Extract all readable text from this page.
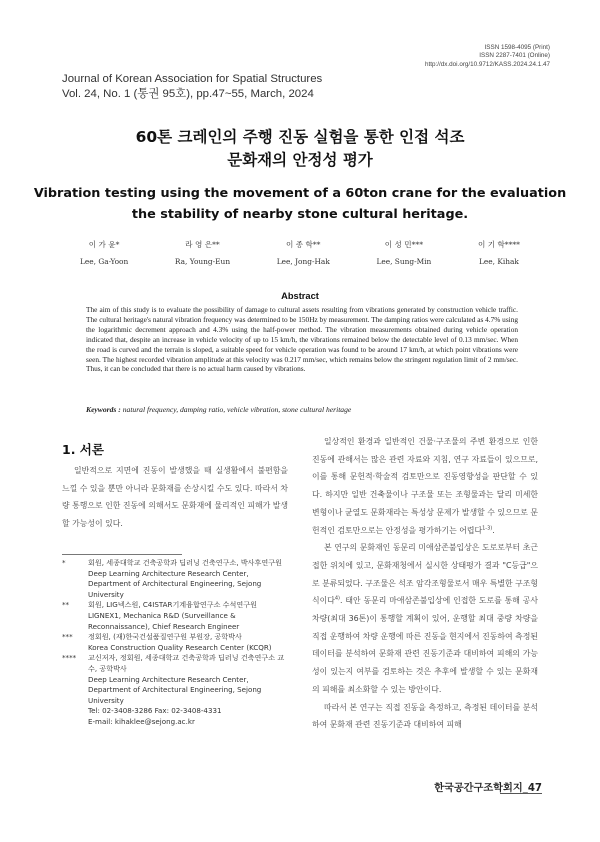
ISSN 1598-4095 (Print)
ISSN 2287-7401 (Online)
http://dx.doi.org/10.9712/KASS.2024.24.1.47
Journal of Korean Association for Spatial Structures
Vol. 24, No. 1 (통권 95호), pp.47~55, March, 2024
60톤 크레인의 주행 진동 실험을 통한 인접 석조
문화재의 안정성 평가
Vibration testing using the movement of a 60ton crane for the evaluation
the stability of nearby stone cultural heritage.
이 가 윤*
Lee, Ga-Yoon
라 영 은**
Ra, Young-Eun
이 종 학**
Lee, Jong-Hak
이 성 민***
Lee, Sung-Min
이 기 학****
Lee, Kihak
Abstract
The aim of this study is to evaluate the possibility of damage to cultural assets resulting from vibrations generated by construction vehicle traffic. The cultural heritage's natural vibration frequency was determined to be 150Hz by measurement. The damping ratios were calculated as 4.7% using the logarithmic decrement approach and 4.3% using the half-power method. The vibration measurements obtained during vehicle operation indicated that, despite an increase in vehicle velocity of up to 15 km/h, the vibrations remained below the detectable level of 0.13 mm/sec. When the road is curved and the terrain is sloped, a suitable speed for vehicle operation was found to be around 17 km/h, at which point vibrations were seen. The highest recorded vibration amplitude at this velocity was 0.217 mm/sec, which remains below the stringent regulation limit of 2 mm/sec. Thus, it can be concluded that there is no actual harm caused by vibrations.
Keywords : natural frequency, damping ratio, vehicle vibration, stone cultural heritage
1. 서론

일반적으로 지면에 진동이 발생했을 때 실생활에서 불편함을 느낄 수 있을 뿐만 아니라 문화재를 손상시킬 수도 있다. 따라서 차량 통행으로 인한 진동에 의해서도 문화재에 물리적인 피해가 발생할 가능성이 있다.

*	회원, 세종대학교 건축공학과 딥러닝 건축연구소, 박사후연구원
Deep Learning Architecture Research Center, Department of Architectural Engineering, Sejong University
**	회원, LIG넥스원, C4ISTAR기계융합연구소 수석연구원
LIGNEX1, Mechanica R&D (Surveillance & Reconnaissance), Chief Research Engineer
***	정회원, (재)한국건설품질연구원 부원장, 공학박사
Korea Construction Quality Research Center (KCQR)
****	교신저자, 정회원, 세종대학교 건축공학과 딥러닝 건축연구소 교수, 공학박사
Deep Learning Architecture Research Center, Department of Architectural Engineering, Sejong University
Tel: 02-3408-3286 Fax: 02-3408-4331
E-mail: kihaklee@sejong.ac.kr

일상적인 환경과 일반적인 건물·구조물의 주변 환경으로 인한 진동에 관해서는 많은 관련 자료와 지침, 연구 자료들이 있으므로, 이를 통해 문헌적·학술적 검토만으로 진동영향성을 판단할 수 있다. 하지만 일반 건축물이나 구조물 또는 조형물과는 달리 미세한 변형이나 균열도 문화재라는 특성상 문제가 발생할 수 있으므로 문헌적인 검토만으로는 안정성을 평가하기는 어렵다$^{1-3)}$.

본 연구의 문화재인 동문리 미애삼존불입상은 도로로부터 초근접한 위치에 있고, 문화재청에서 실시한 상태평가 결과 "C등급"으로 분류되었다. 구조물은 석조 암각조형물로서 매우 특별한 구조형식이다$^{4)}$. 태안 동문리 마애삼존불입상에 인접한 도로를 통해 공사차량(최대 36톤)이 통행할 계획이 있어, 운행할 최대 중량 차량을 직접 운행하여 차량 운행에 따른 진동을 현지에서 진동하여 측정된 데이터를 분석하여 문화재 관련 진동기준과 대비하여 피해의 가능성이 있는지 여부를 검토하는 것은 추후에 발생할 수 있는 문화재의 피해를 최소화할 수 있는 방안이다.

따라서 본 연구는 직접 진동을 측정하고, 측정된 데이터를 분석하여 문화재 관련 진동기준과 대비하여 피해

한국공간구조학회지_47
